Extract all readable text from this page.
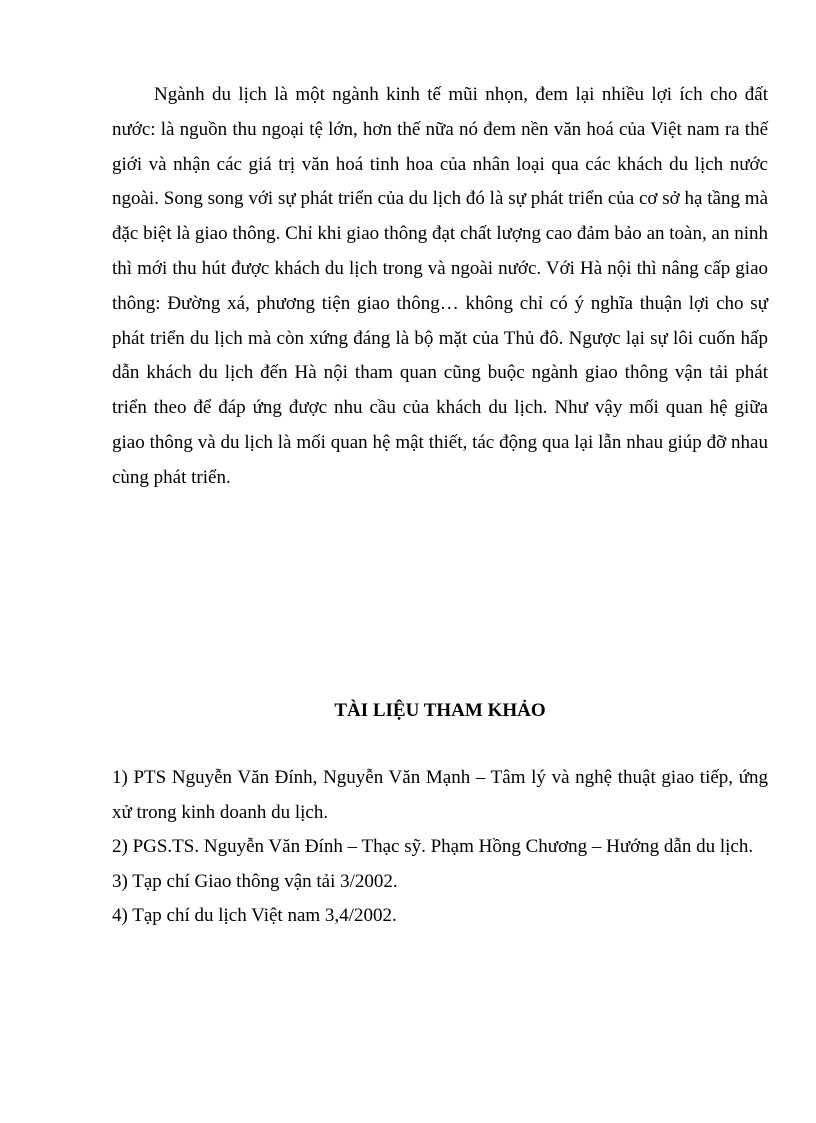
Ngành du lịch là một ngành kinh tế mũi nhọn, đem lại nhiều lợi ích cho đất nước: là nguồn thu ngoại tệ lớn, hơn thế nữa nó đem nền văn hoá của Việt nam ra thế giới và nhận các giá trị văn hoá tinh hoa của nhân loại qua các khách du lịch nước ngoài. Song song với sự phát triển của du lịch đó là sự phát triển của cơ sở hạ tầng mà đặc biệt là giao thông. Chỉ khi giao thông đạt chất lượng cao đảm bảo an toàn, an ninh thì mới thu hút được khách du lịch trong và ngoài nước. Với Hà nội thì nâng cấp giao thông: Đường xá, phương tiện giao thông… không chỉ có ý nghĩa thuận lợi cho sự phát triển du lịch mà còn xứng đáng là bộ mặt của Thủ đô. Ngược lại sự lôi cuốn hấp dẫn khách du lịch đến Hà nội tham quan cũng buộc ngành giao thông vận tải phát triển theo để đáp ứng được nhu cầu của khách du lịch. Như vậy mối quan hệ giữa giao thông và du lịch là mối quan hệ mật thiết, tác động qua lại lẫn nhau giúp đỡ nhau cùng phát triển.

TÀI LIỆU THAM KHẢO
1) PTS Nguyễn Văn Đính, Nguyễn Văn Mạnh – Tâm lý và nghệ thuật giao tiếp, ứng xử trong kinh doanh du lịch.
2) PGS.TS. Nguyễn Văn Đính – Thạc sỹ. Phạm Hồng Chương – Hướng dẫn du lịch.
3) Tạp chí Giao thông vận tải 3/2002.
4) Tạp chí du lịch Việt nam 3,4/2002.
